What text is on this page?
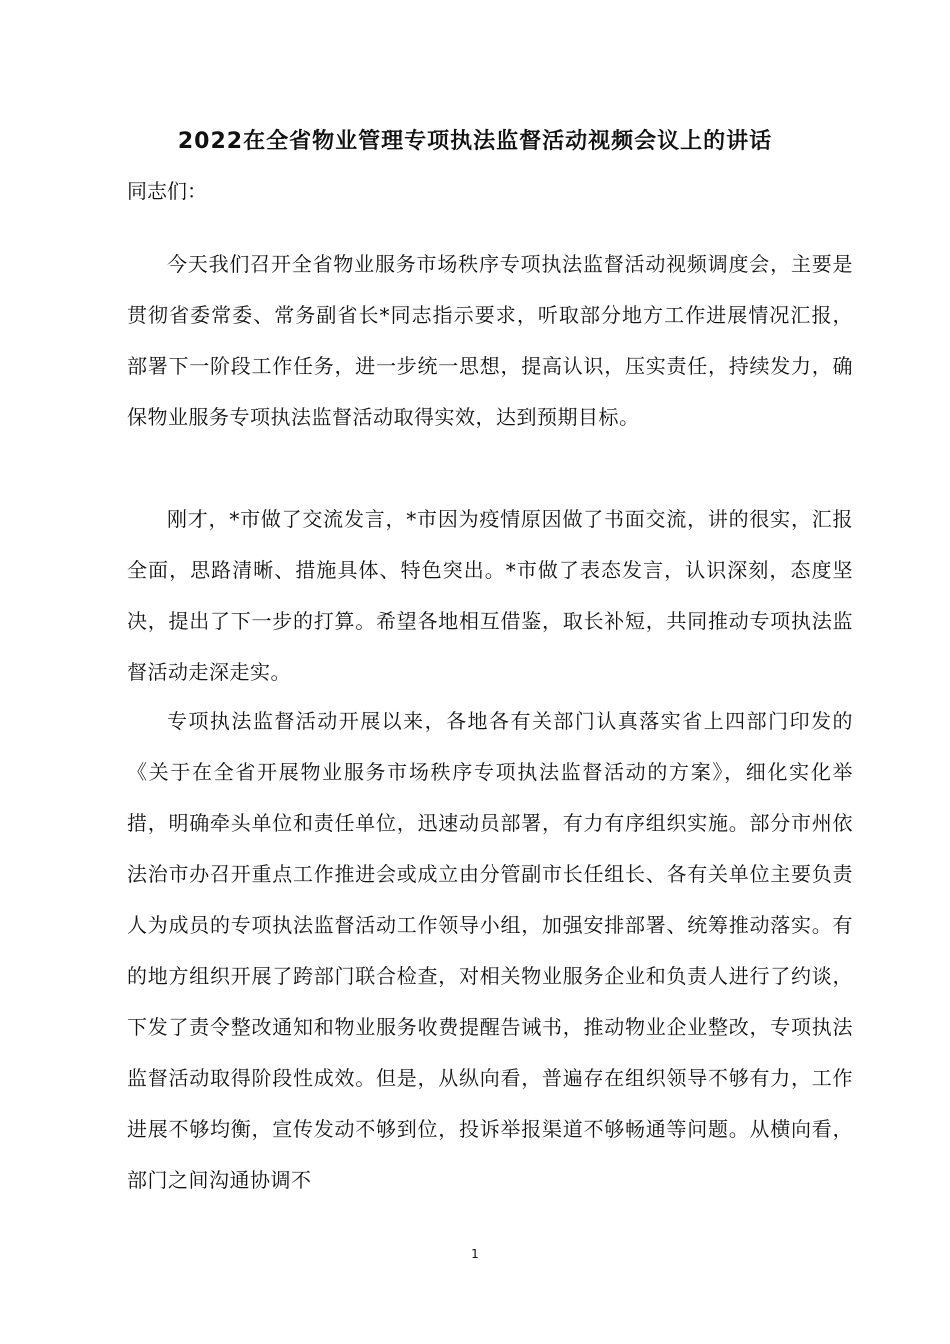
2022在全省物业管理专项执法监督活动视频会议上的讲话
同志们：

今天我们召开全省物业服务市场秩序专项执法监督活动视频调度会，主要是贯彻省委常委、常务副省长*同志指示要求，听取部分地方工作进展情况汇报，部署下一阶段工作任务，进一步统一思想，提高认识，压实责任，持续发力，确保物业服务专项执法监督活动取得实效，达到预期目标。

刚才，*市做了交流发言，*市因为疫情原因做了书面交流，讲的很实，汇报全面，思路清晰、措施具体、特色突出。*市做了表态发言，认识深刻，态度坚决，提出了下一步的打算。希望各地相互借鉴，取长补短，共同推动专项执法监督活动走深走实。

专项执法监督活动开展以来，各地各有关部门认真落实省上四部门印发的《关于在全省开展物业服务市场秩序专项执法监督活动的方案》，细化实化举措，明确牵头单位和责任单位，迅速动员部署，有力有序组织实施。部分市州依法治市办召开重点工作推进会或成立由分管副市长任组长、各有关单位主要负责人为成员的专项执法监督活动工作领导小组，加强安排部署、统筹推动落实。有的地方组织开展了跨部门联合检查，对相关物业服务企业和负责人进行了约谈，下发了责令整改通知和物业服务收费提醒告诫书，推动物业企业整改，专项执法监督活动取得阶段性成效。但是，从纵向看，普遍存在组织领导不够有力，工作进展不够均衡，宣传发动不够到位，投诉举报渠道不够畅通等问题。从横向看，部门之间沟通协调不

1
